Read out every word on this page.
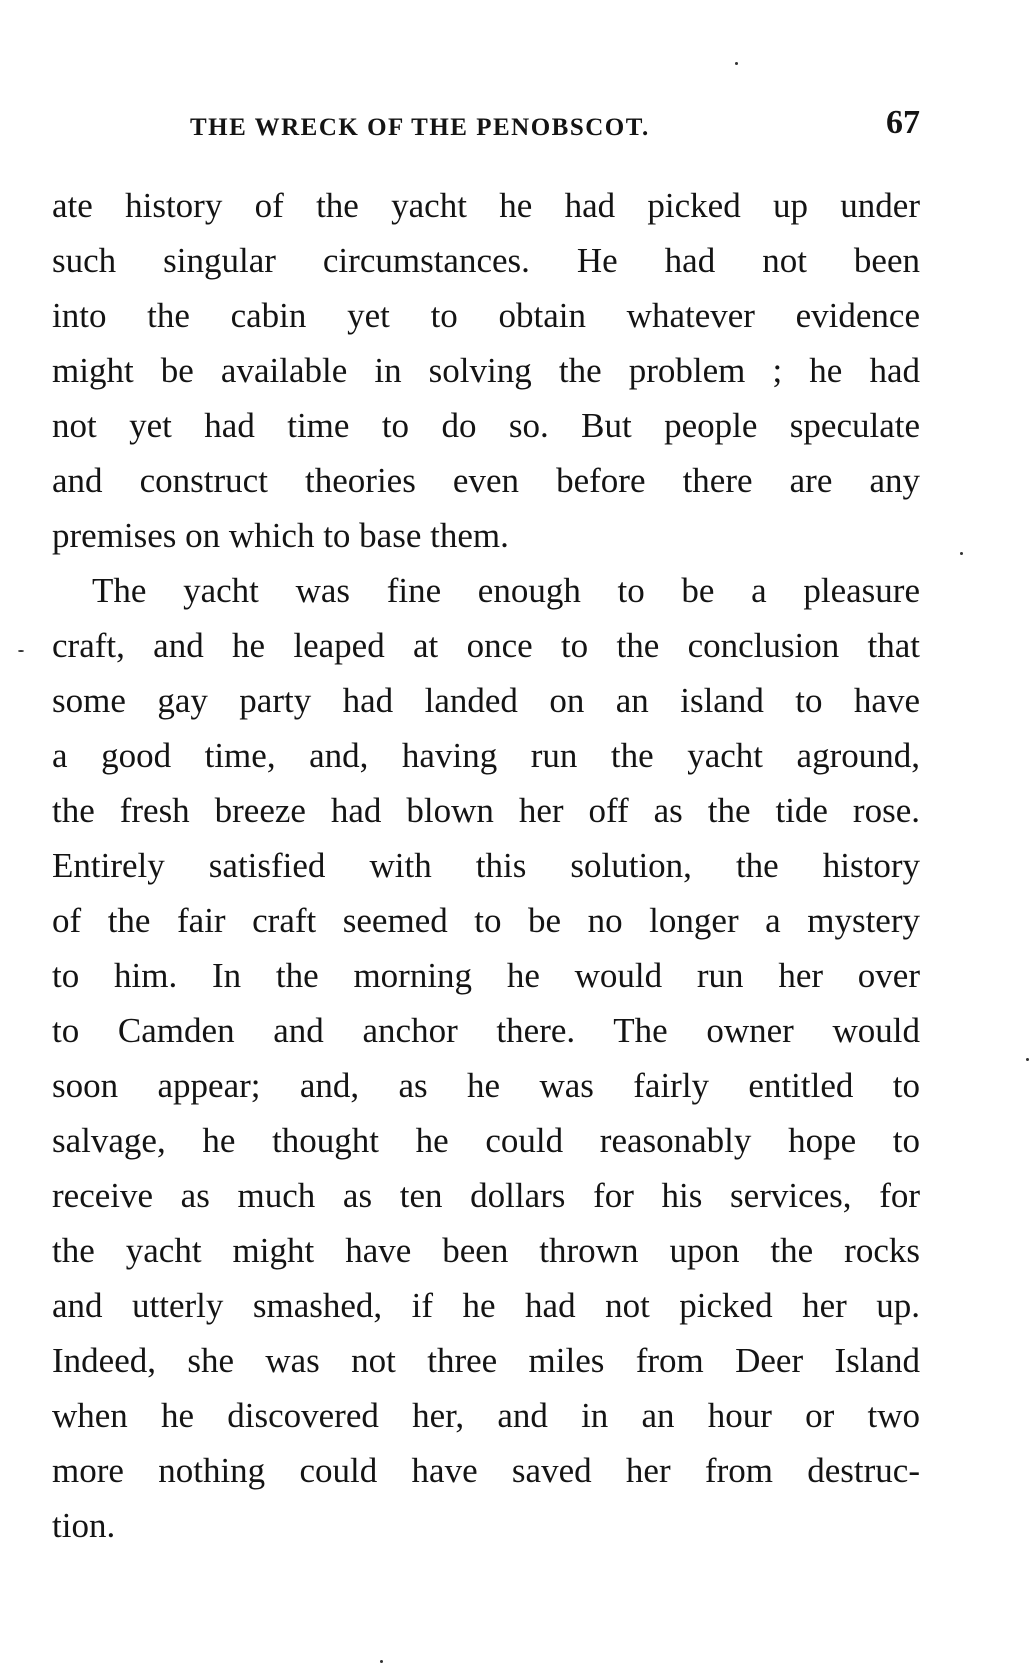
THE WRECK OF THE PENOBSCOT.	67
ate history of the yacht he had picked up under
such singular circumstances. He had not been
into the cabin yet to obtain whatever evidence
might be available in solving the problem ; he had
not yet had time to do so. But people speculate
and construct theories even before there are any
premises on which to base them.
The yacht was fine enough to be a pleasure
craft, and he leaped at once to the conclusion that
some gay party had landed on an island to have
a good time, and, having run the yacht aground,
the fresh breeze had blown her off as the tide rose.
Entirely satisfied with this solution, the history
of the fair craft seemed to be no longer a mystery
to him. In the morning he would run her over
to Camden and anchor there. The owner would
soon appear; and, as he was fairly entitled to
salvage, he thought he could reasonably hope to
receive as much as ten dollars for his services, for
the yacht might have been thrown upon the rocks
and utterly smashed, if he had not picked her up.
Indeed, she was not three miles from Deer Island
when he discovered her, and in an hour or two
more nothing could have saved her from destruc-
tion.
